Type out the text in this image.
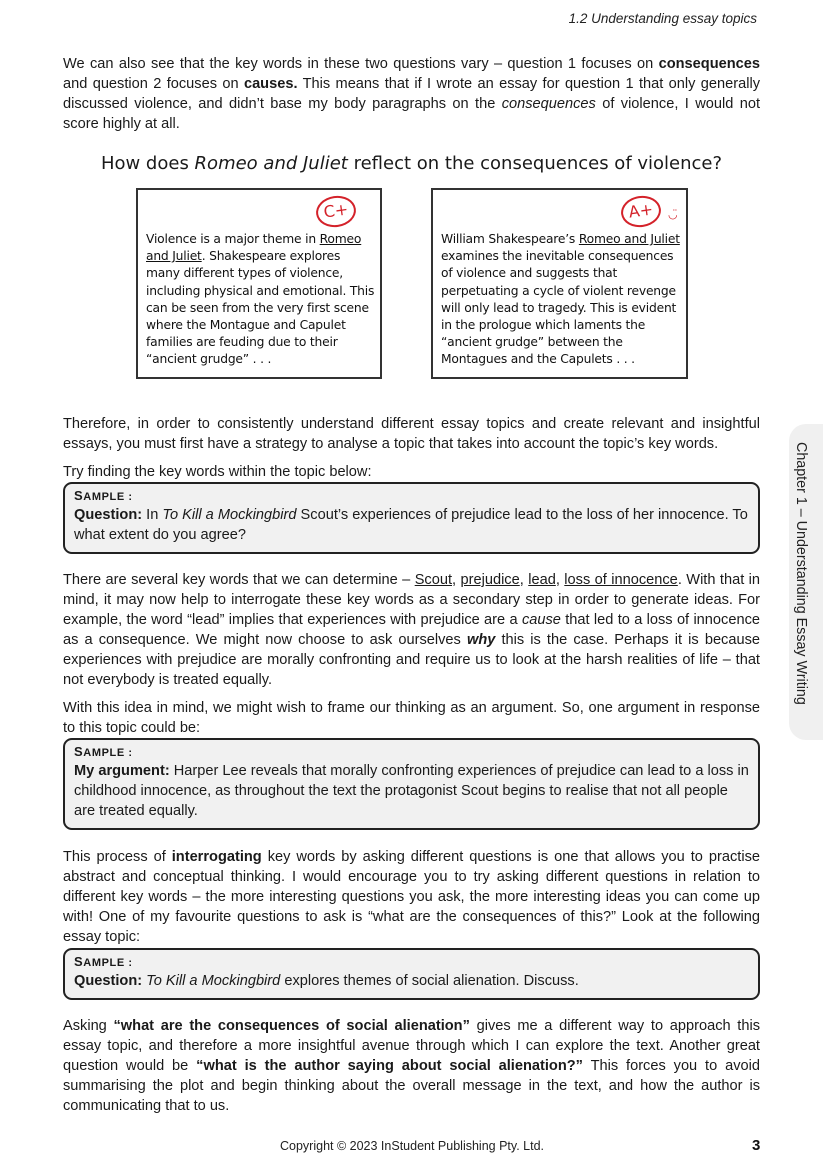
1.2 Understanding essay topics

We can also see that the key words in these two questions vary – question 1 focuses on consequences and question 2 focuses on causes. This means that if I wrote an essay for question 1 that only generally discussed violence, and didn’t base my body paragraphs on the consequences of violence, I would not score highly at all.

How does Romeo and Juliet reflect on the consequences of violence?
C+
Violence is a major theme in Romeo and Juliet. Shakespeare explores many different types of violence, including physical and emotional. This can be seen from the very first scene where the Montague and Capulet families are feuding due to their “ancient grudge” . . .
A+	◡̈
William Shakespeare’s Romeo and Juliet examines the inevitable consequences of violence and suggests that perpetuating a cycle of violent revenge will only lead to tragedy. This is evident in the prologue which laments the “ancient grudge” between the Montagues and the Capulets . . .

Therefore, in order to consistently understand different essay topics and create relevant and insightful essays, you must first have a strategy to analyse a topic that takes into account the topic’s key words.

Try finding the key words within the topic below:

SAMPLE :
Question: In To Kill a Mockingbird Scout’s experiences of prejudice lead to the loss of her innocence. To what extent do you agree?

There are several key words that we can determine – Scout, prejudice, lead, loss of innocence. With that in mind, it may now help to interrogate these key words as a secondary step in order to generate ideas. For example, the word “lead” implies that experiences with prejudice are a cause that led to a loss of innocence as a consequence. We might now choose to ask ourselves why this is the case. Perhaps it is because experiences with prejudice are morally confronting and require us to look at the harsh realities of life – that not everybody is treated equally.

With this idea in mind, we might wish to frame our thinking as an argument. So, one argument in response to this topic could be:

SAMPLE :
My argument: Harper Lee reveals that morally confronting experiences of prejudice can lead to a loss in childhood innocence, as throughout the text the protagonist Scout begins to realise that not all people are treated equally.

This process of interrogating key words by asking different questions is one that allows you to practise abstract and conceptual thinking. I would encourage you to try asking different questions in relation to different key words – the more interesting questions you ask, the more interesting ideas you can come up with! One of my favourite questions to ask is “what are the consequences of this?” Look at the following essay topic:

SAMPLE :
Question: To Kill a Mockingbird explores themes of social alienation. Discuss.

Asking “what are the consequences of social alienation” gives me a different way to approach this essay topic, and therefore a more insightful avenue through which I can explore the text. Another great question would be “what is the author saying about social alienation?” This forces you to avoid summarising the plot and begin thinking about the overall message in the text, and how the author is communicating that to us.

Chapter 1 – Understanding Essay Writing
Copyright © 2023 InStudent Publishing Pty. Ltd.	3
